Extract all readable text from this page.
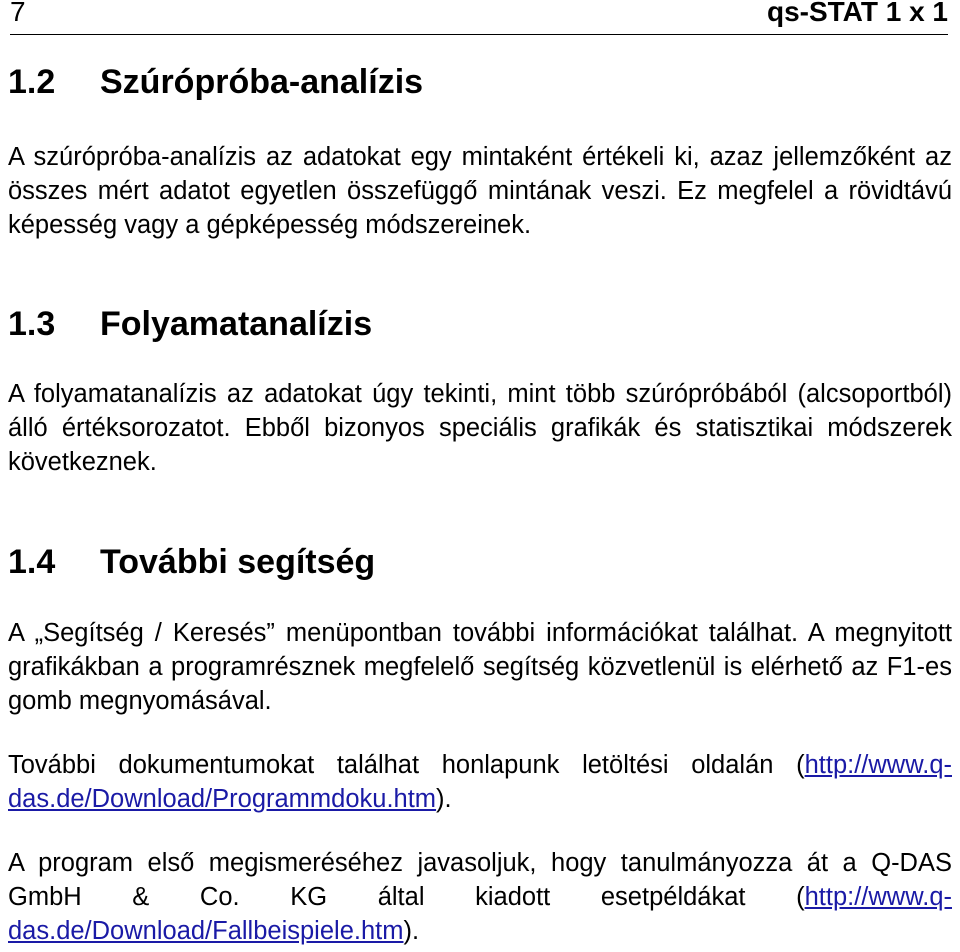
7	qs-STAT 1 x 1
1.2 Szúrópróba-analízis

A szúrópróba-analízis az adatokat egy mintaként értékeli ki, azaz jellemzőként az összes mért adatot egyetlen összefüggő mintának veszi. Ez megfelel a rövidtávú képesség vagy a gépképesség módszereinek.

1.3 Folyamatanalízis

A folyamatanalízis az adatokat úgy tekinti, mint több szúrópróbából (alcsoportból) álló értéksorozatot. Ebből bizonyos speciális grafikák és statisztikai módszerek következnek.

1.4 További segítség

A „Segítség / Keresés” menüpontban további információkat találhat. A megnyitott grafikákban a programrésznek megfelelő segítség közvetlenül is elérhető az F1-es gomb megnyomásával.

További dokumentumokat találhat honlapunk letöltési oldalán (http://www.q-das.de/Download/Programmdoku.htm).

A program első megismeréséhez javasoljuk, hogy tanulmányozza át a Q-DAS GmbH & Co. KG által kiadott esetpéldákat (http://www.q-das.de/Download/Fallbeispiele.htm).
